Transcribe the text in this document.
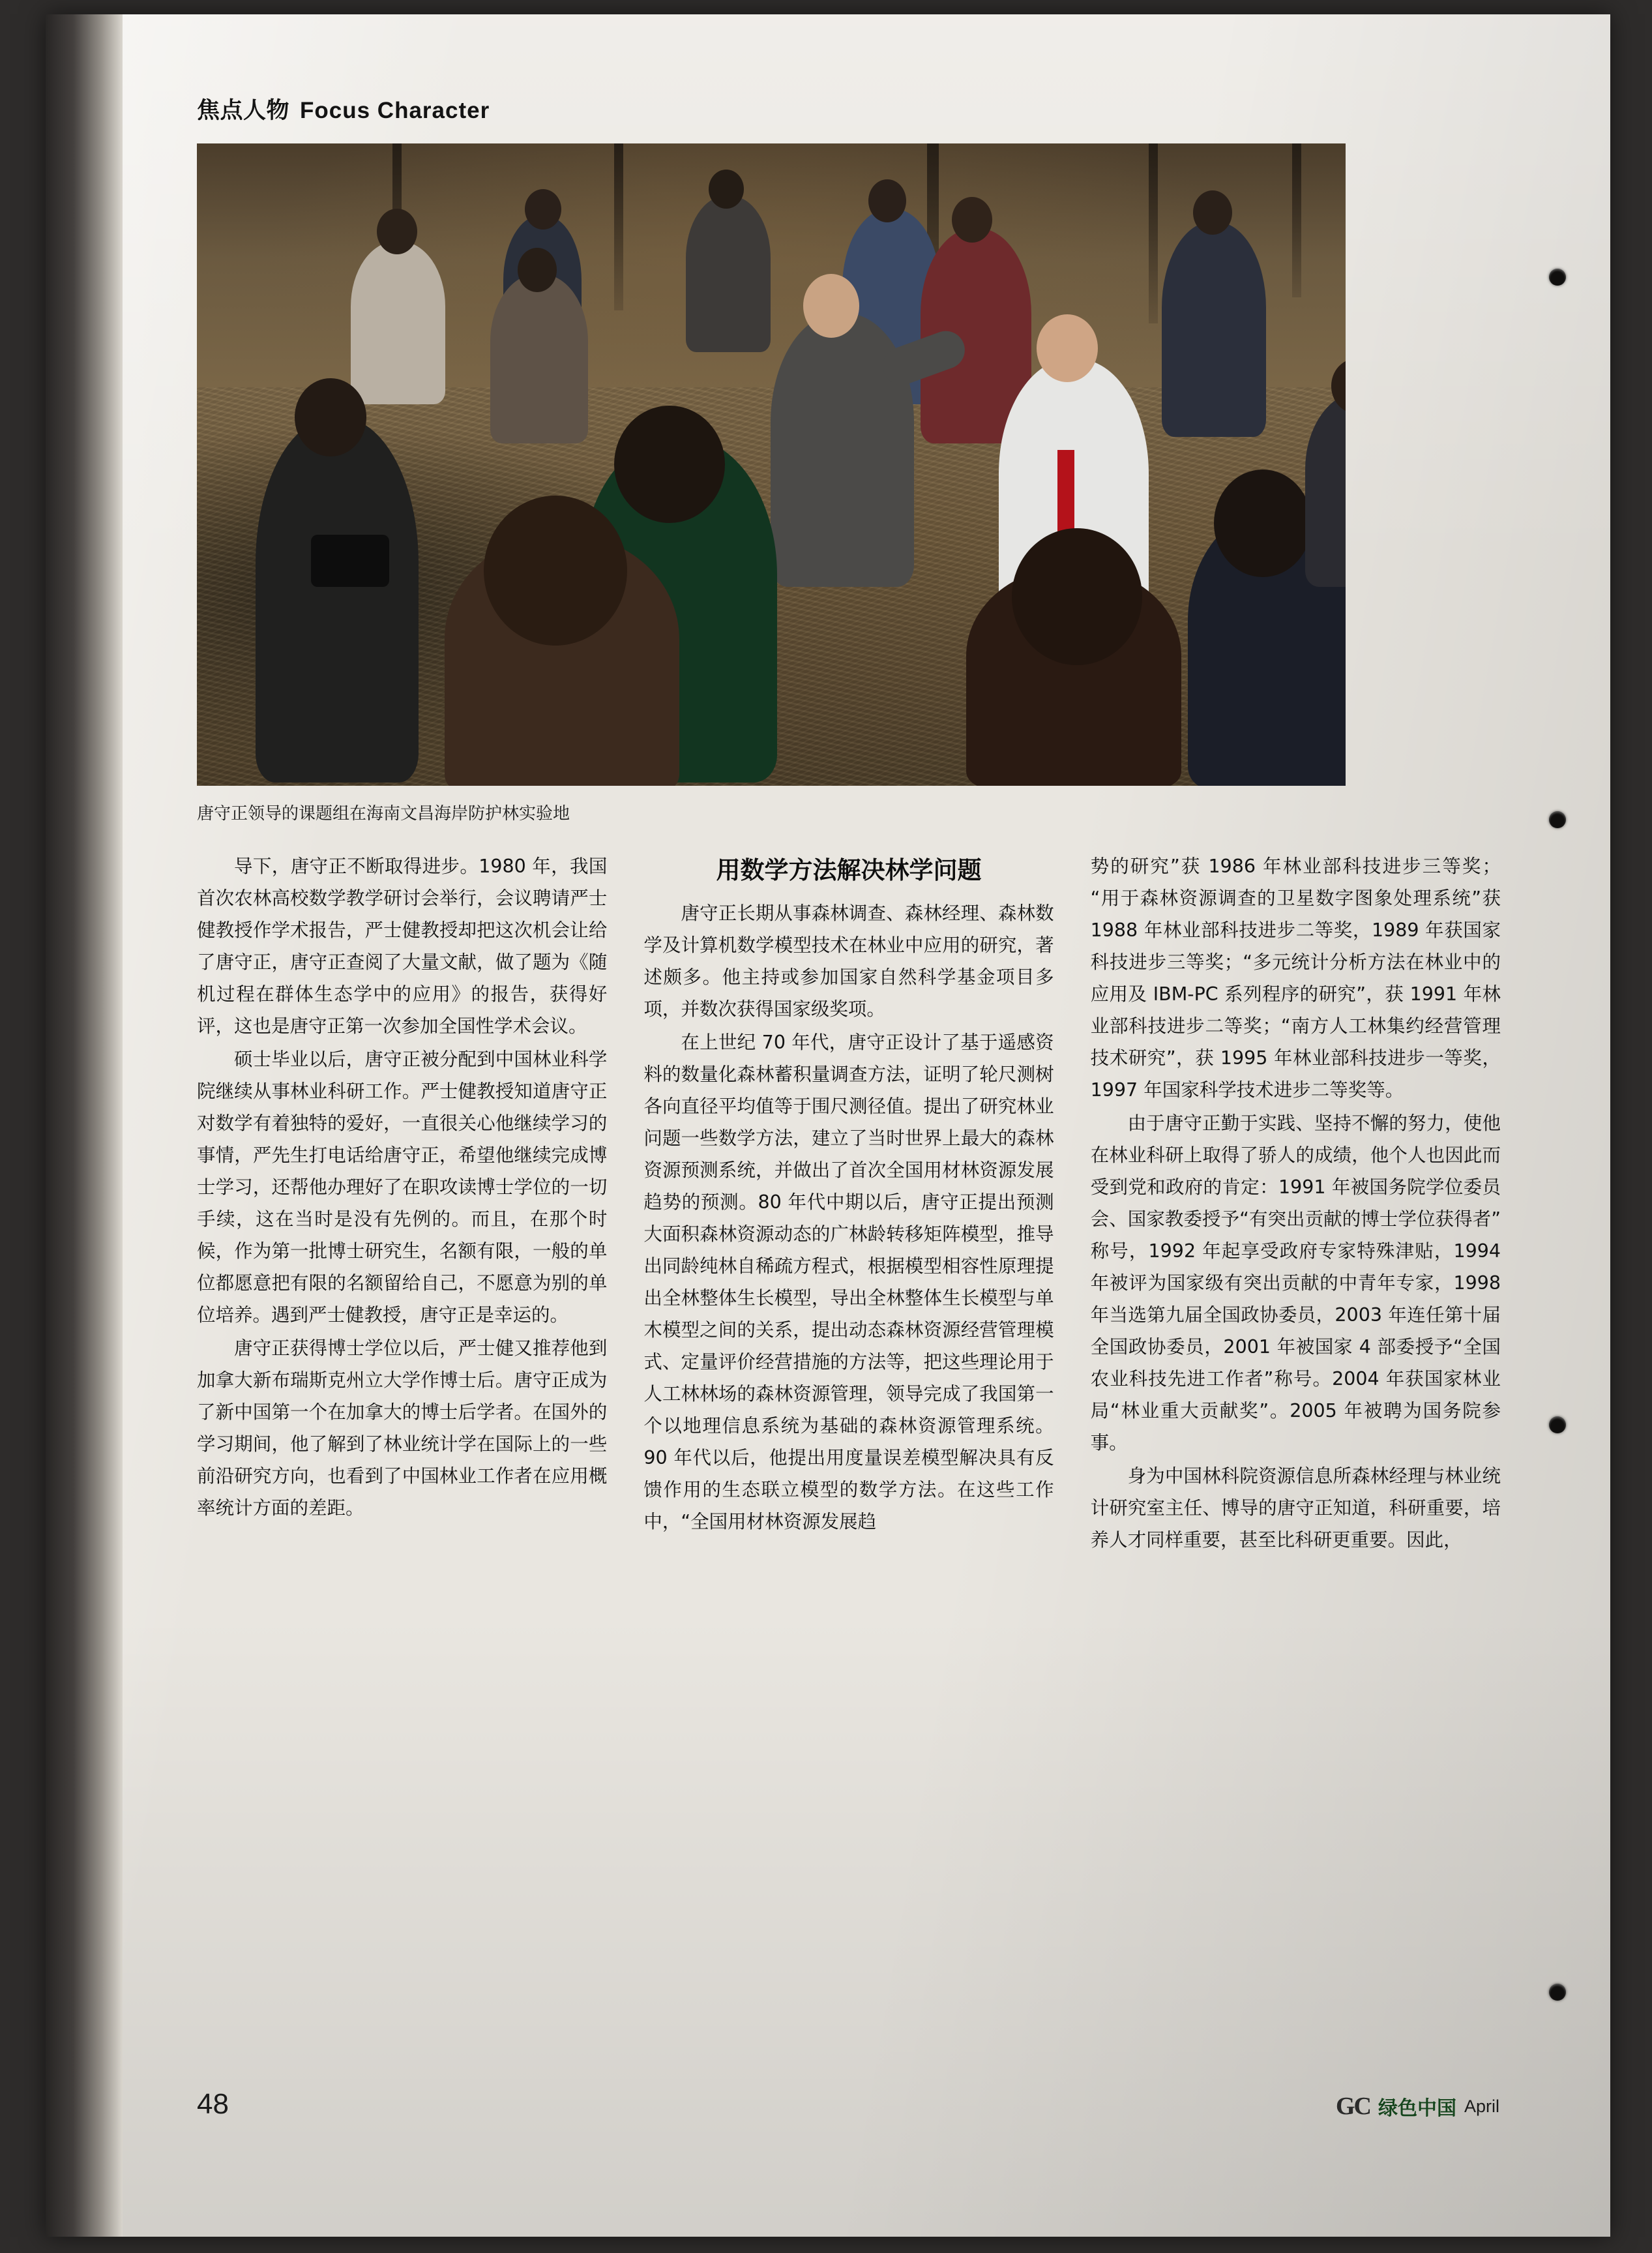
焦点人物 Focus Character
唐守正领导的课题组在海南文昌海岸防护林实验地

导下，唐守正不断取得进步。1980 年，我国首次农林高校数学教学研讨会举行，会议聘请严士健教授作学术报告，严士健教授却把这次机会让给了唐守正，唐守正查阅了大量文献，做了题为《随机过程在群体生态学中的应用》的报告，获得好评，这也是唐守正第一次参加全国性学术会议。

硕士毕业以后，唐守正被分配到中国林业科学院继续从事林业科研工作。严士健教授知道唐守正对数学有着独特的爱好，一直很关心他继续学习的事情，严先生打电话给唐守正，希望他继续完成博士学习，还帮他办理好了在职攻读博士学位的一切手续，这在当时是没有先例的。而且，在那个时候，作为第一批博士研究生，名额有限，一般的单位都愿意把有限的名额留给自己，不愿意为别的单位培养。遇到严士健教授，唐守正是幸运的。

唐守正获得博士学位以后，严士健又推荐他到加拿大新布瑞斯克州立大学作博士后。唐守正成为了新中国第一个在加拿大的博士后学者。在国外的学习期间，他了解到了林业统计学在国际上的一些前沿研究方向，也看到了中国林业工作者在应用概率统计方面的差距。

用数学方法解决林学问题

唐守正长期从事森林调查、森林经理、森林数学及计算机数学模型技术在林业中应用的研究，著述颇多。他主持或参加国家自然科学基金项目多项，并数次获得国家级奖项。

在上世纪 70 年代，唐守正设计了基于遥感资料的数量化森林蓄积量调查方法，证明了轮尺测树各向直径平均值等于围尺测径值。提出了研究林业问题一些数学方法，建立了当时世界上最大的森林资源预测系统，并做出了首次全国用材林资源发展趋势的预测。80 年代中期以后，唐守正提出预测大面积森林资源动态的广林龄转移矩阵模型，推导出同龄纯林自稀疏方程式，根据模型相容性原理提出全林整体生长模型，导出全林整体生长模型与单木模型之间的关系，提出动态森林资源经营管理模式、定量评价经营措施的方法等，把这些理论用于人工林林场的森林资源管理，领导完成了我国第一个以地理信息系统为基础的森林资源管理系统。90 年代以后，他提出用度量误差模型解决具有反馈作用的生态联立模型的数学方法。在这些工作中，“全国用材林资源发展趋

势的研究”获 1986 年林业部科技进步三等奖；“用于森林资源调查的卫星数字图象处理系统”获 1988 年林业部科技进步二等奖，1989 年获国家科技进步三等奖；“多元统计分析方法在林业中的应用及 IBM-PC 系列程序的研究”，获 1991 年林业部科技进步二等奖；“南方人工林集约经营管理技术研究”，获 1995 年林业部科技进步一等奖，1997 年国家科学技术进步二等奖等。

由于唐守正勤于实践、坚持不懈的努力，使他在林业科研上取得了骄人的成绩，他个人也因此而受到党和政府的肯定：1991 年被国务院学位委员会、国家教委授予“有突出贡献的博士学位获得者”称号，1992 年起享受政府专家特殊津贴，1994 年被评为国家级有突出贡献的中青年专家，1998 年当选第九届全国政协委员，2003 年连任第十届全国政协委员，2001 年被国家 4 部委授予“全国农业科技先进工作者”称号。2004 年获国家林业局“林业重大贡献奖”。2005 年被聘为国务院参事。

身为中国林科院资源信息所森林经理与林业统计研究室主任、博导的唐守正知道，科研重要，培养人才同样重要，甚至比科研更重要。因此，

48	GC 绿色中国 April
